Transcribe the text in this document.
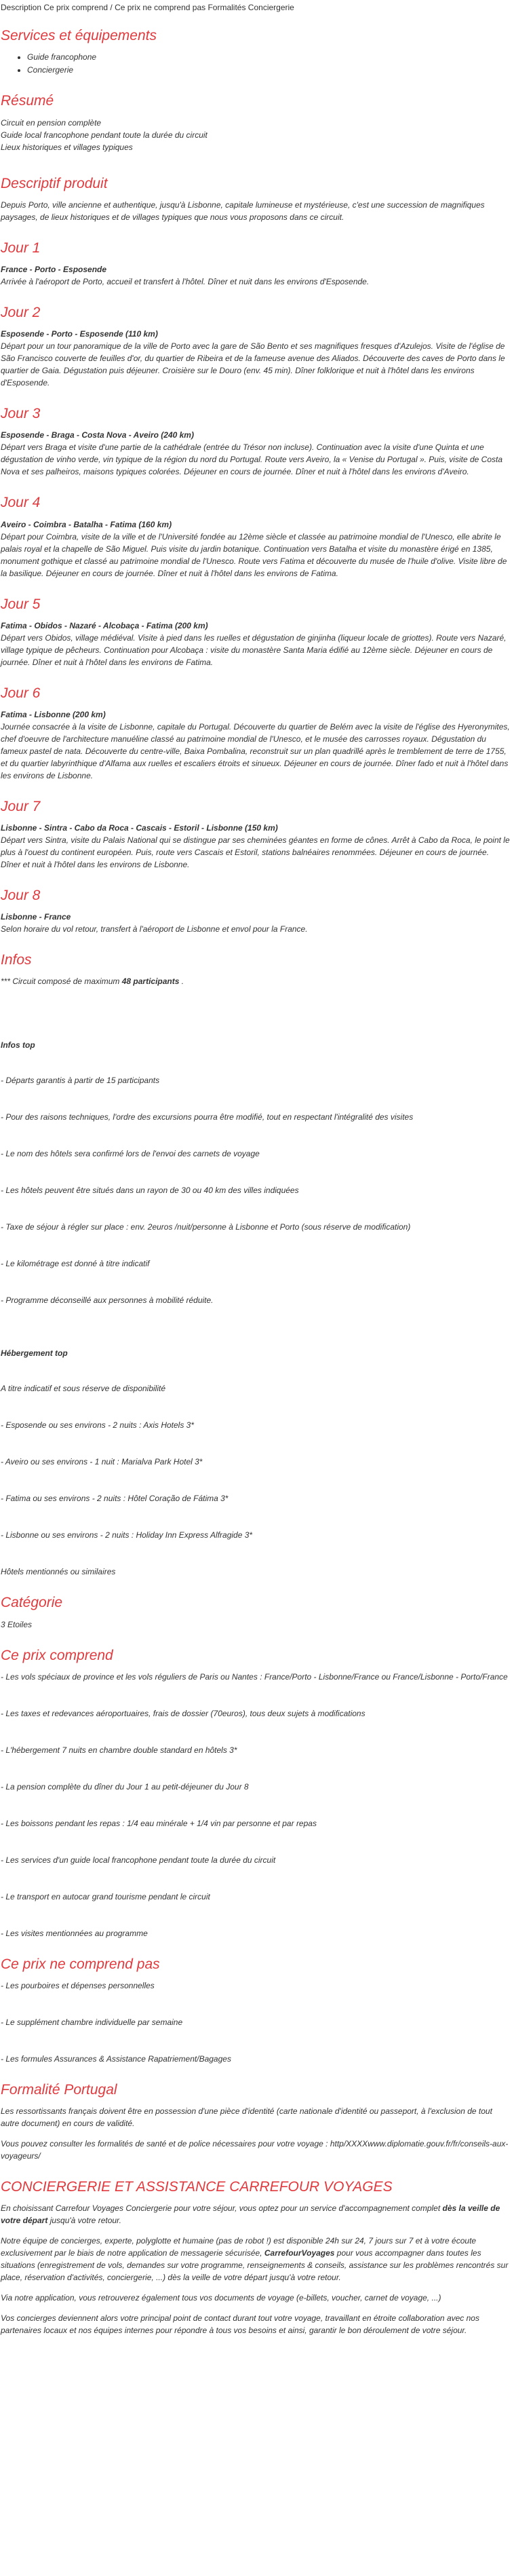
Description Ce prix comprend / Ce prix ne comprend pas Formalités Conciergerie
Services et équipements
• Guide francophone
• Conciergerie
Résumé
Circuit en pension complète
Guide local francophone pendant toute la durée du circuit
Lieux historiques et villages typiques
Descriptif produit

Depuis Porto, ville ancienne et authentique, jusqu'à Lisbonne, capitale lumineuse et mystérieuse, c'est une succession de magnifiques paysages, de lieux historiques et de villages typiques que nous vous proposons dans ce circuit.

Jour 1
France - Porto - Esposende
Arrivée à l'aéroport de Porto, accueil et transfert à l'hôtel. Dîner et nuit dans les environs d'Esposende.
Jour 2
Esposende - Porto - Esposende (110 km)
Départ pour un tour panoramique de la ville de Porto avec la gare de São Bento et ses magnifiques fresques d'Azulejos. Visite de l'église de São Francisco couverte de feuilles d'or, du quartier de Ribeira et de la fameuse avenue des Aliados. Découverte des caves de Porto dans le quartier de Gaia. Dégustation puis déjeuner. Croisière sur le Douro (env. 45 min). Dîner folklorique et nuit à l'hôtel dans les environs d'Esposende.
Jour 3
Esposende - Braga - Costa Nova - Aveiro (240 km)
Départ vers Braga et visite d'une partie de la cathédrale (entrée du Trésor non incluse). Continuation avec la visite d'une Quinta et une dégustation de vinho verde, vin typique de la région du nord du Portugal. Route vers Aveiro, la « Venise du Portugal ». Puis, visite de Costa Nova et ses palheiros, maisons typiques colorées. Déjeuner en cours de journée. Dîner et nuit à l'hôtel dans les environs d'Aveiro.
Jour 4
Aveiro - Coimbra - Batalha - Fatima (160 km)
Départ pour Coimbra, visite de la ville et de l'Université fondée au 12ème siècle et classée au patrimoine mondial de l'Unesco, elle abrite le palais royal et la chapelle de São Miguel. Puis visite du jardin botanique. Continuation vers Batalha et visite du monastère érigé en 1385, monument gothique et classé au patrimoine mondial de l'Unesco. Route vers Fatima et découverte du musée de l'huile d'olive. Visite libre de la basilique. Déjeuner en cours de journée. Dîner et nuit à l'hôtel dans les environs de Fatima.
Jour 5
Fatima - Obidos - Nazaré - Alcobaça - Fatima (200 km)
Départ vers Obidos, village médiéval. Visite à pied dans les ruelles et dégustation de ginjinha (liqueur locale de griottes). Route vers Nazaré, village typique de pêcheurs. Continuation pour Alcobaça : visite du monastère Santa Maria édifié au 12ème siècle. Déjeuner en cours de journée. Dîner et nuit à l'hôtel dans les environs de Fatima.
Jour 6
Fatima - Lisbonne (200 km)
Journée consacrée à la visite de Lisbonne, capitale du Portugal. Découverte du quartier de Belém avec la visite de l'église des Hyeronymites, chef d'oeuvre de l'architecture manuéline classé au patrimoine mondial de l'Unesco, et le musée des carrosses royaux. Dégustation du fameux pastel de nata. Découverte du centre-ville, Baixa Pombalina, reconstruit sur un plan quadrillé après le tremblement de terre de 1755, et du quartier labyrinthique d'Alfama aux ruelles et escaliers étroits et sinueux. Déjeuner en cours de journée. Dîner fado et nuit à l'hôtel dans les environs de Lisbonne.
Jour 7
Lisbonne - Sintra - Cabo da Roca - Cascais - Estoril - Lisbonne (150 km)
Départ vers Sintra, visite du Palais National qui se distingue par ses cheminées géantes en forme de cônes. Arrêt à Cabo da Roca, le point le plus à l'ouest du continent européen. Puis, route vers Cascais et Estoril, stations balnéaires renommées. Déjeuner en cours de journée. Dîner et nuit à l'hôtel dans les environs de Lisbonne.
Jour 8
Lisbonne - France
Selon horaire du vol retour, transfert à l'aéroport de Lisbonne et envol pour la France.
Infos
*** Circuit composé de maximum 48 participants .
Infos top
- Départs garantis à partir de 15 participants
- Pour des raisons techniques, l'ordre des excursions pourra être modifié, tout en respectant l'intégralité des visites
- Le nom des hôtels sera confirmé lors de l'envoi des carnets de voyage
- Les hôtels peuvent être situés dans un rayon de 30 ou 40 km des villes indiquées
- Taxe de séjour à régler sur place : env. 2euros /nuit/personne à Lisbonne et Porto (sous réserve de modification)
- Le kilométrage est donné à titre indicatif
- Programme déconseillé aux personnes à mobilité réduite.
Hébergement top
A titre indicatif et sous réserve de disponibilité
- Esposende ou ses environs - 2 nuits : Axis Hotels 3*
- Aveiro ou ses environs - 1 nuit : Marialva Park Hotel 3*
- Fatima ou ses environs - 2 nuits : Hôtel Coração de Fátima 3*
- Lisbonne ou ses environs - 2 nuits : Holiday Inn Express Alfragide 3*
Hôtels mentionnés ou similaires
Catégorie
3 Etoiles
Ce prix comprend
- Les vols spéciaux de province et les vols réguliers de Paris ou Nantes : France/Porto - Lisbonne/France ou France/Lisbonne - Porto/France
- Les taxes et redevances aéroportuaires, frais de dossier (70euros), tous deux sujets à modifications
- L'hébergement 7 nuits en chambre double standard en hôtels 3*
- La pension complète du dîner du Jour 1 au petit-déjeuner du Jour 8
- Les boissons pendant les repas : 1/4 eau minérale + 1/4 vin par personne et par repas
- Les services d'un guide local francophone pendant toute la durée du circuit
- Le transport en autocar grand tourisme pendant le circuit
- Les visites mentionnées au programme
Ce prix ne comprend pas
- Les pourboires et dépenses personnelles
- Le supplément chambre individuelle par semaine
- Les formules Assurances & Assistance Rapatriement/Bagages
Formalité Portugal

Les ressortissants français doivent être en possession d'une pièce d'identité (carte nationale d'identité ou passeport, à l'exclusion de tout autre document) en cours de validité.

Vous pouvez consulter les formalités de santé et de police nécessaires pour votre voyage : http/XXXXwww.diplomatie.gouv.fr/fr/conseils-aux-voyageurs/

CONCIERGERIE ET ASSISTANCE CARREFOUR VOYAGES

En choisissant Carrefour Voyages Conciergerie pour votre séjour, vous optez pour un service d'accompagnement complet dès la veille de votre départ jusqu'à votre retour.

Notre équipe de concierges, experte, polyglotte et humaine (pas de robot !) est disponible 24h sur 24, 7 jours sur 7 et à votre écoute exclusivement par le biais de notre application de messagerie sécurisée, CarrefourVoyages pour vous accompagner dans toutes les situations (enregistrement de vols, demandes sur votre programme, renseignements & conseils, assistance sur les problèmes rencontrés sur place, réservation d'activités, conciergerie, ...) dès la veille de votre départ jusqu'à votre retour.

Via notre application, vous retrouverez également tous vos documents de voyage (e-billets, voucher, carnet de voyage, ...)

Vos concierges deviennent alors votre principal point de contact durant tout votre voyage, travaillant en étroite collaboration avec nos partenaires locaux et nos équipes internes pour répondre à tous vos besoins et ainsi, garantir le bon déroulement de votre séjour.
